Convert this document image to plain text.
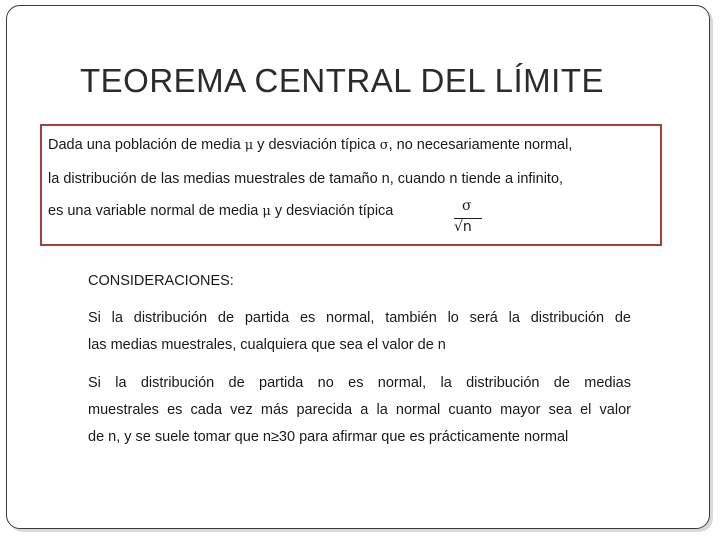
TEOREMA CENTRAL DEL LÍMITE
Dada una población de media μ y desviación típica σ, no necesariamente normal,
la distribución de las medias muestrales de tamaño n, cuando n tiende a infinito,
es una variable normal de media μ y desviación típica	σ
√n
CONSIDERACIONES:
Si la distribución de partida es normal, también lo será la distribución de
las medias muestrales, cualquiera que sea el valor de n
Si la distribución de partida no es normal, la distribución de medias
muestrales es cada vez más parecida a la normal cuanto mayor sea el valor
de n, y se suele tomar que n≥30 para afirmar que es prácticamente normal
